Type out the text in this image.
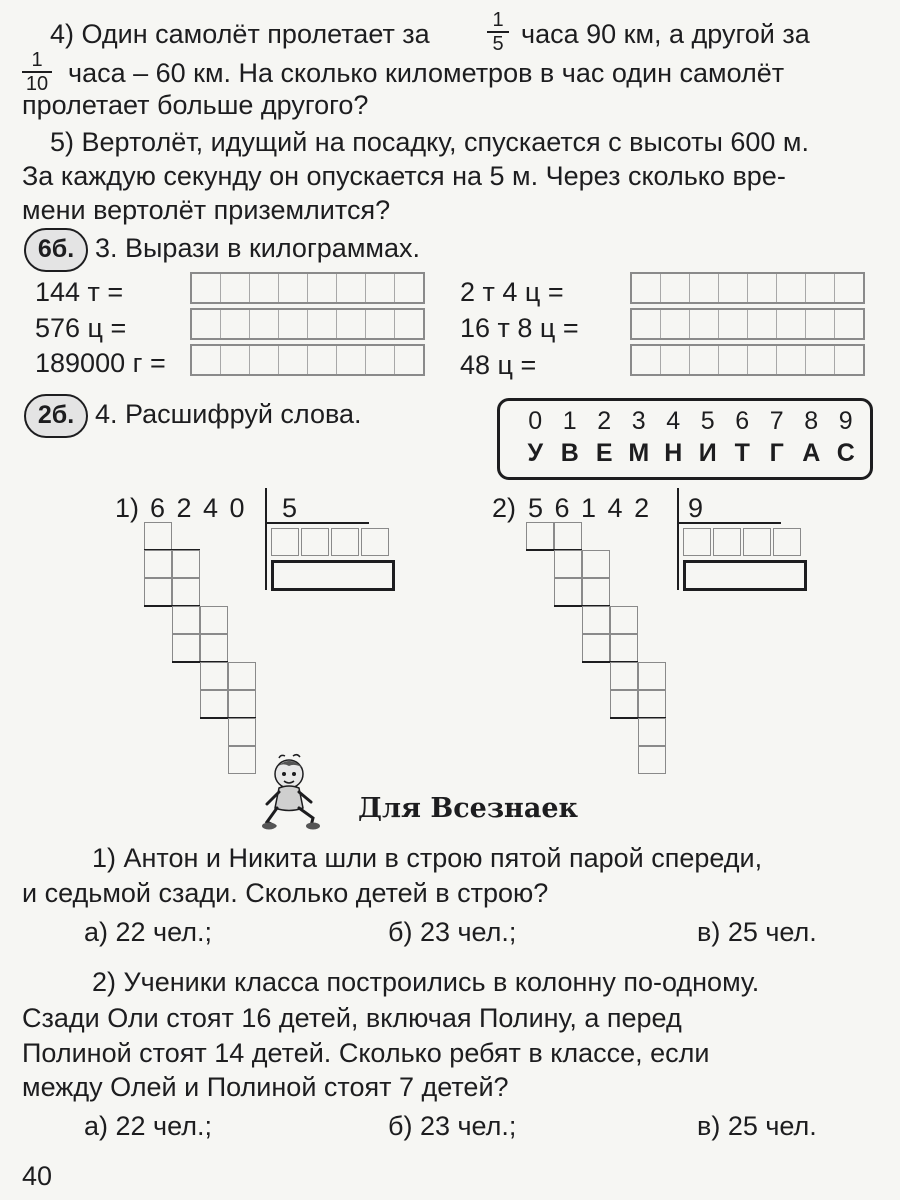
4) Один самолёт пролетает за	1
5 часа 90 км, а другой за
1
10 часа – 60 км. На сколько километров в час один самолёт
пролетает больше другого?
5) Вертолёт, идущий на посадку, спускается с высоты 600 м.
За каждую секунду он опускается на 5 м. Через сколько вре-
мени вертолёт приземлится?
6б. 3. Вырази в килограммах.
144 т =
576 ц =
189000 г =
2 т 4 ц =
16 т 8 ц =
48 ц =
2б. 4. Расшифруй слова.	0 1 2 3 4 5 6 7 8 9
У В Е М Н И Т Г А С
1) 6 2 4 0 5	2) 5 6 1 4 2 9
Для Всезнаек
1) Антон и Никита шли в строю пятой парой спереди,
и седьмой сзади. Сколько детей в строю?
а) 22 чел.;	б) 23 чел.;	в) 25 чел.
2) Ученики класса построились в колонну по-одному.
Сзади Оли стоят 16 детей, включая Полину, а перед
Полиной стоят 14 детей. Сколько ребят в классе, если
между Олей и Полиной стоят 7 детей?
а) 22 чел.;	б) 23 чел.;	в) 25 чел.
40
